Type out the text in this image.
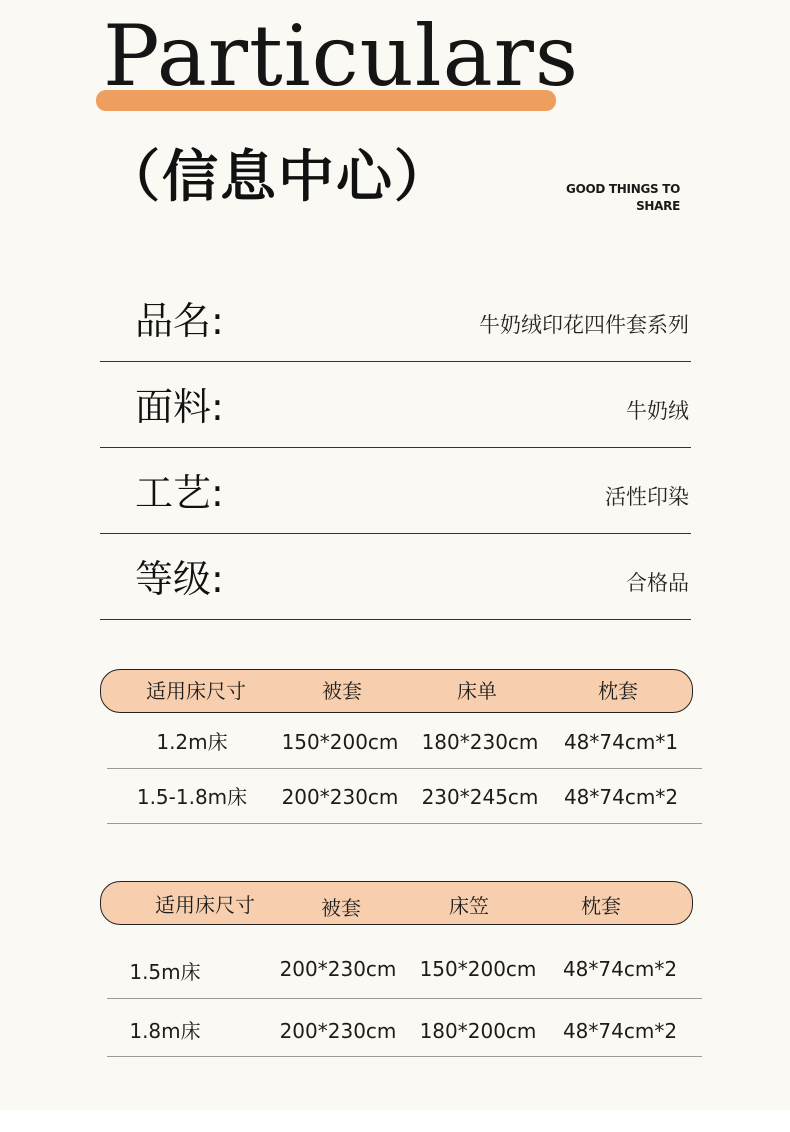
Particulars
（信息中心）	GOOD THINGS TO
SHARE
品名:	牛奶绒印花四件套系列
面料:	牛奶绒
工艺:	活性印染
等级:	合格品
适用床尺寸	被套	床单	枕套
1.2m床	150*200cm 180*230cm 48*74cm*1
1.5-1.8m床 200*230cm 230*245cm 48*74cm*2
适用床尺寸	被套	床笠	枕套
1.5m床	200*230cm 150*200cm 48*74cm*2
1.8m床	200*230cm 180*200cm 48*74cm*2
